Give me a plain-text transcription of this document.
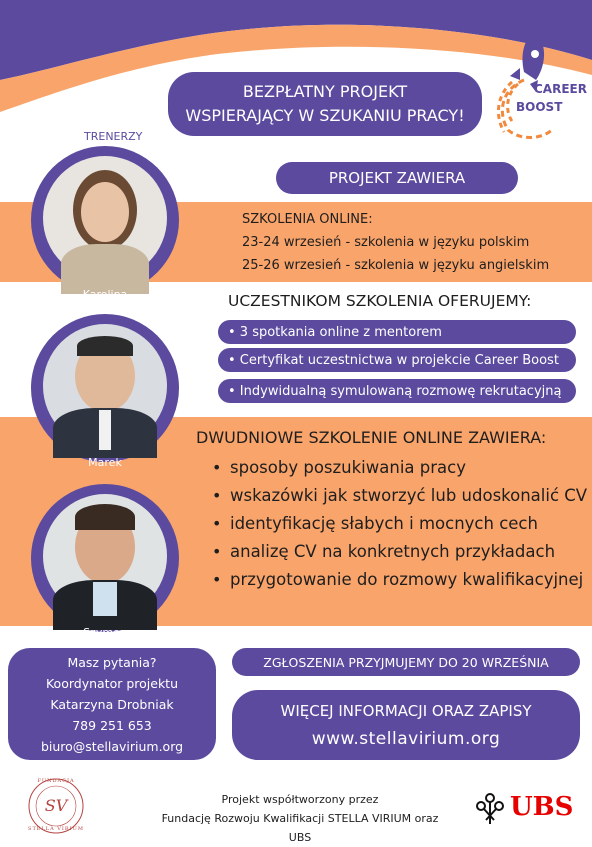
BEZPŁATNY PROJEKT
WSPIERAJĄCY W SZUKANIU PRACY!
CAREER
BOOST
TRENERZY
PROJEKT ZAWIERA
SZKOLENIA ONLINE:
23-24 wrzesień - szkolenia w języku polskim
25-26 wrzesień - szkolenia w języku angielskim
UCZESTNIKOM SZKOLENIA OFERUJEMY:
• 3 spotkania online z mentorem
• Certyfikat uczestnictwa w projekcie Career Boost
• Indywidualną symulowaną rozmowę rekrutacyjną
DWUDNIOWE SZKOLENIE ONLINE ZAWIERA:
• sposoby poszukiwania pracy
• wskazówki jak stworzyć lub udoskonalić CV
• identyfikację słabych i mocnych cech
• analizę CV na konkretnych przykładach
• przygotowanie do rozmowy kwalifikacyjnej
Karolina
Marek
Szymon
Masz pytania?
Koordynator projektu
Katarzyna Drobniak
789 251 653
biuro@stellavirium.org
ZGŁOSZENIA PRZYJMUJEMY DO 20 WRZEŚNIA
WIĘCEJ INFORMACJI ORAZ ZAPISY
www.stellavirium.org
SV
FUNDACJA
STELLA VIRIUM
Projekt współtworzony przez
Fundację Rozwoju Kwalifikacji STELLA VIRIUM oraz UBS
UBS
